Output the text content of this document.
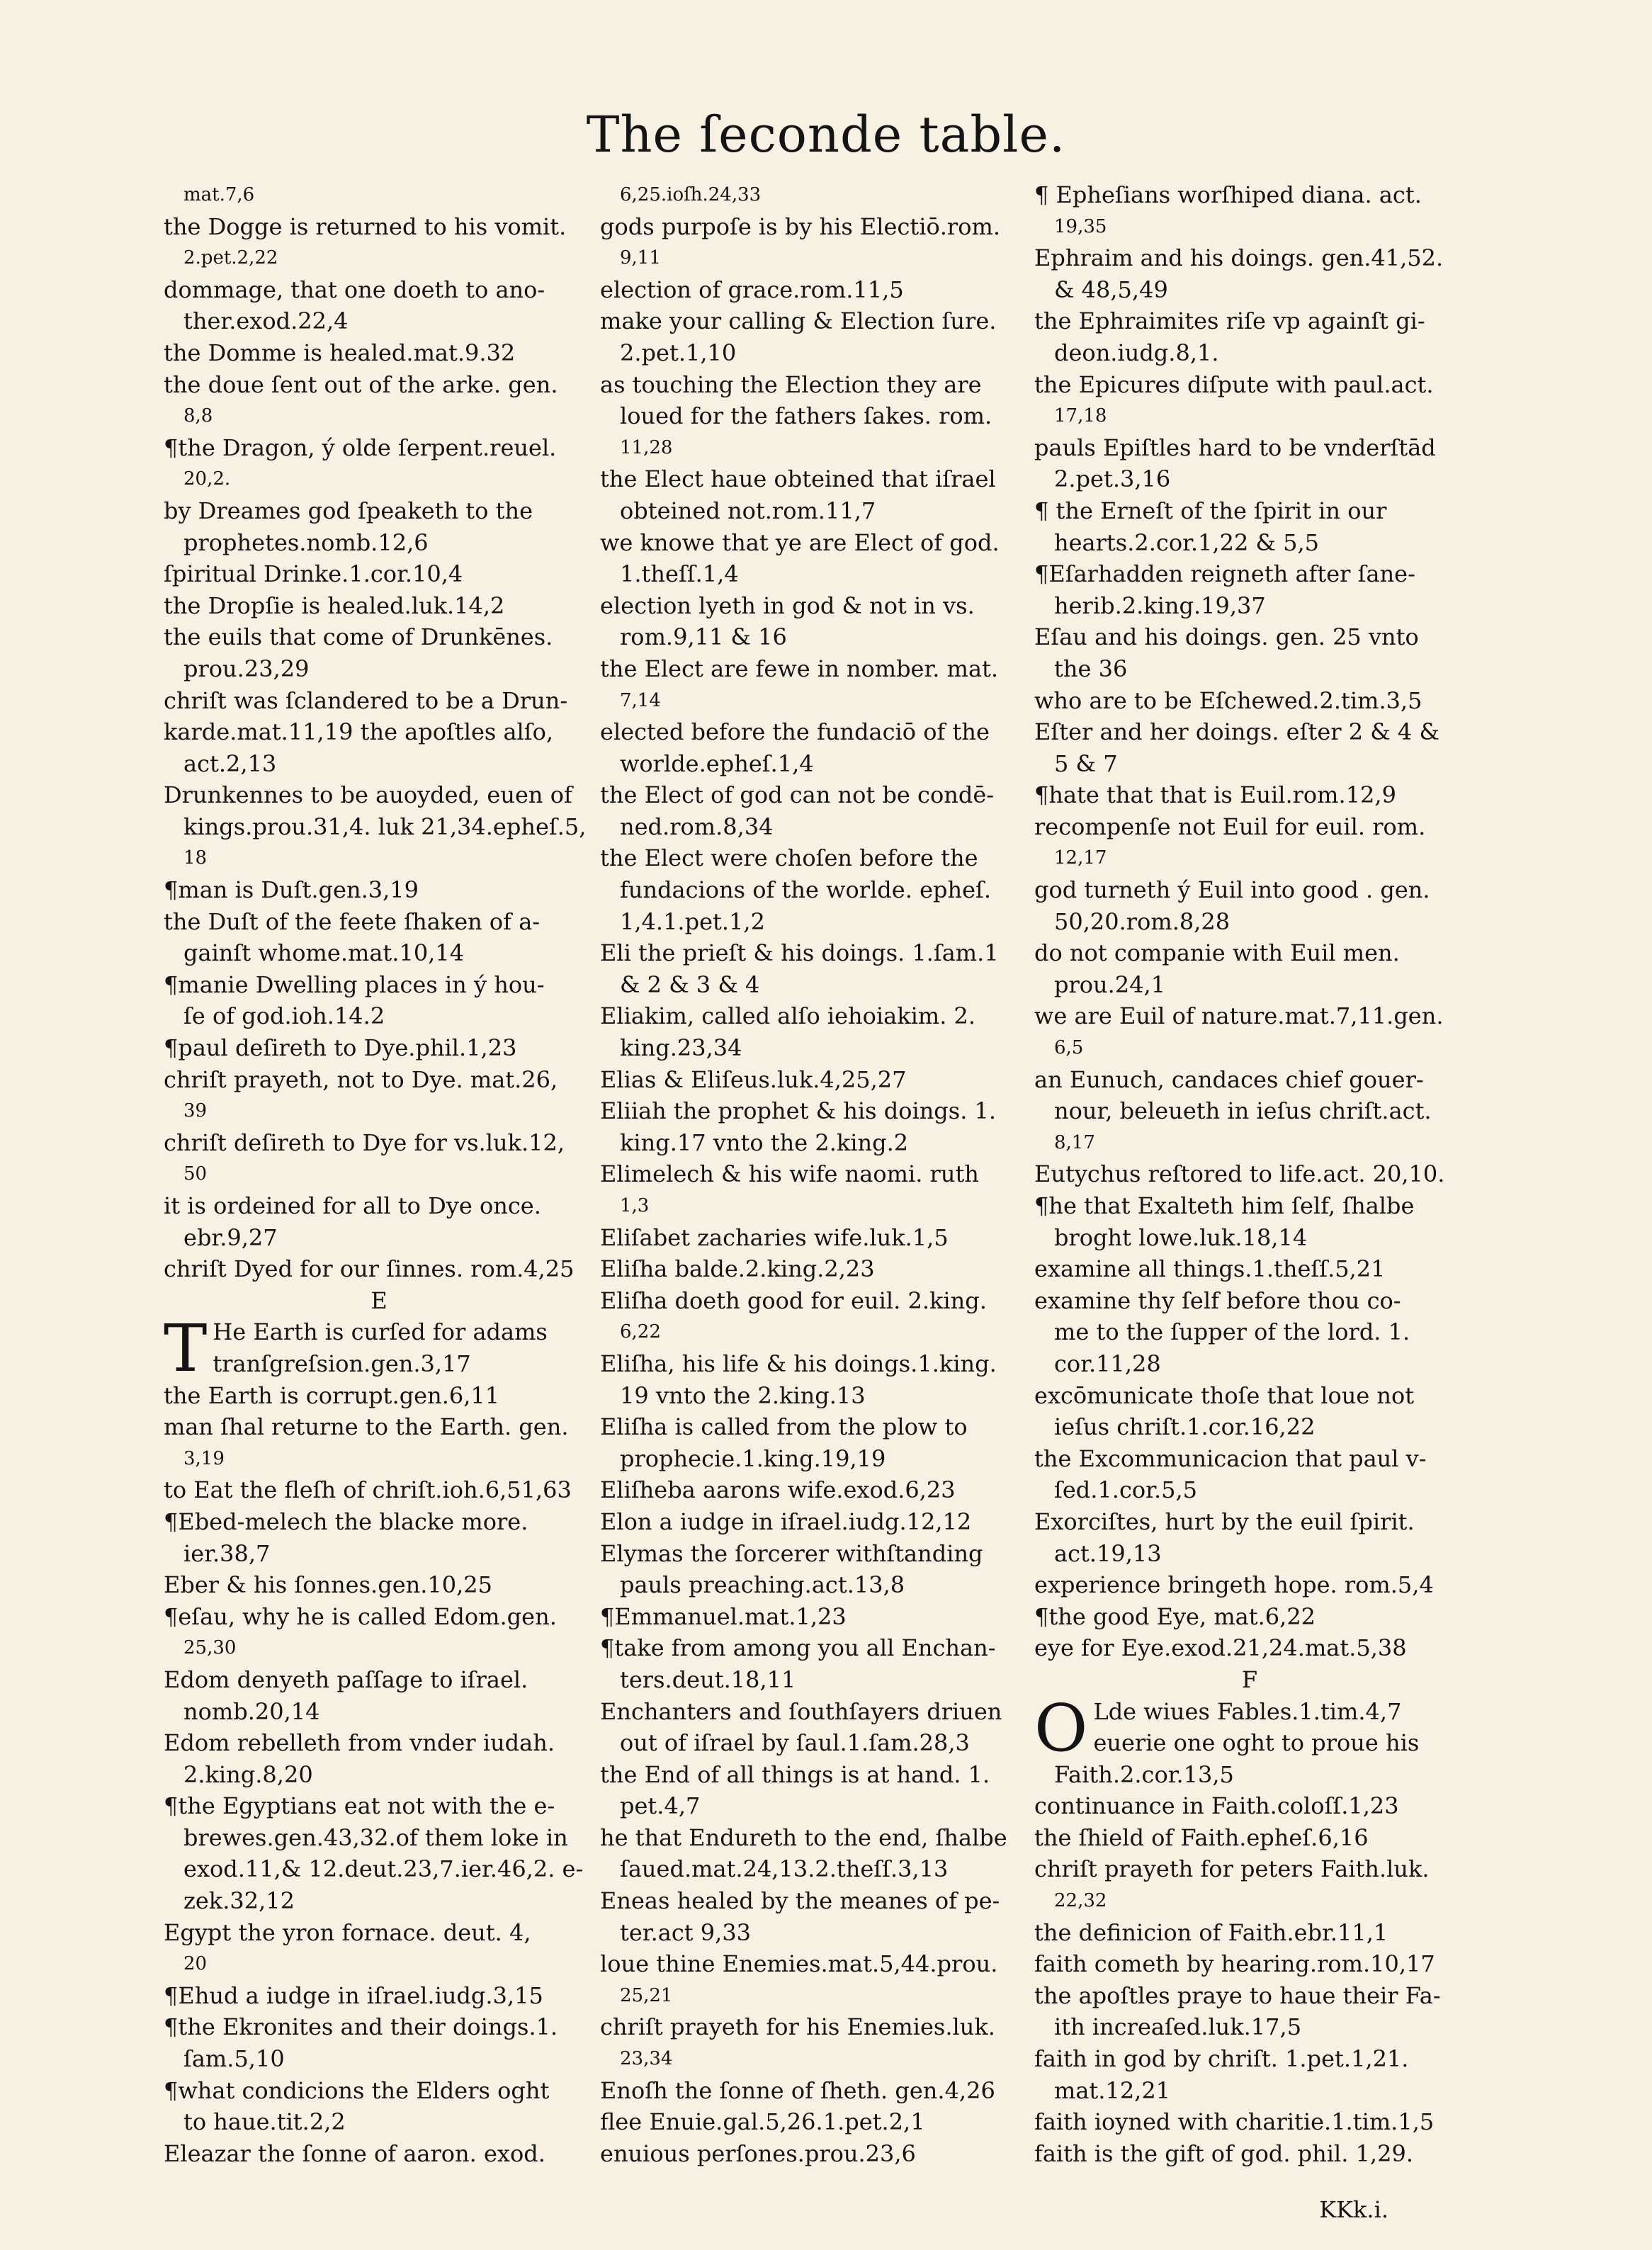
The ſeconde table.
mat.7,6
the Dogge is returned to his vomit.
2.pet.2,22
dommage, that one doeth to ano-
ther.exod.22,4
the Domme is healed.mat.9.32
the doue ſent out of the arke. gen.
8,8
¶the Dragon, ý olde ſerpent.reuel.
20,2.
by Dreames god ſpeaketh to the
prophetes.nomb.12,6
ſpiritual Drinke.1.cor.10,4
the Dropſie is healed.luk.14,2
the euils that come of Drunkēnes.
prou.23,29
chriſt was ſclandered to be a Drun-
karde.mat.11,19 the apoſtles alſo,
act.2,13
Drunkennes to be auoyded, euen of
kings.prou.31,4. luk 21,34.epheſ.5,
18
¶man is Duſt.gen.3,19
the Duſt of the feete ſhaken of a-
gainſt whome.mat.10,14
¶manie Dwelling places in ý hou-
ſe of god.ioh.14.2
¶paul deſireth to Dye.phil.1,23
chriſt prayeth, not to Dye. mat.26,
39
chriſt deſireth to Dye for vs.luk.12,
50
it is ordeined for all to Dye once.
ebr.9,27
chriſt Dyed for our ſinnes. rom.4,25
E
T He Earth is curſed for adams
tranſgreſsion.gen.3,17
the Earth is corrupt.gen.6,11
man ſhal returne to the Earth. gen.
3,19
to Eat the fleſh of chriſt.ioh.6,51,63
¶Ebed-melech the blacke more.
ier.38,7
Eber & his ſonnes.gen.10,25
¶eſau, why he is called Edom.gen.
25,30
Edom denyeth paſſage to iſrael.
nomb.20,14
Edom rebelleth from vnder iudah.
2.king.8,20
¶the Egyptians eat not with the e-
brewes.gen.43,32.of them loke in
exod.11,& 12.deut.23,7.ier.46,2. e-
zek.32,12
Egypt the yron fornace. deut. 4,
20
¶Ehud a iudge in iſrael.iudg.3,15
¶the Ekronites and their doings.1.
ſam.5,10
¶what condicions the Elders oght
to haue.tit.2,2
Eleazar the ſonne of aaron. exod.
6,25.ioſh.24,33
gods purpoſe is by his Electiō.rom.
9,11
election of grace.rom.11,5
make your calling & Election ſure.
2.pet.1,10
as touching the Election they are
loued for the fathers ſakes. rom.
11,28
the Elect haue obteined that iſrael
obteined not.rom.11,7
we knowe that ye are Elect of god.
1.theſſ.1,4
election lyeth in god & not in vs.
rom.9,11 & 16
the Elect are fewe in nomber. mat.
7,14
elected before the fundaciō of the
worlde.epheſ.1,4
the Elect of god can not be condē-
ned.rom.8,34
the Elect were choſen before the
fundacions of the worlde. epheſ.
1,4.1.pet.1,2
Eli the prieſt & his doings. 1.ſam.1
& 2 & 3 & 4
Eliakim, called alſo iehoiakim. 2.
king.23,34
Elias & Eliſeus.luk.4,25,27
Eliiah the prophet & his doings. 1.
king.17 vnto the 2.king.2
Elimelech & his wife naomi. ruth
1,3
Eliſabet zacharies wife.luk.1,5
Eliſha balde.2.king.2,23
Eliſha doeth good for euil. 2.king.
6,22
Eliſha, his life & his doings.1.king.
19 vnto the 2.king.13
Eliſha is called from the plow to
prophecie.1.king.19,19
Eliſheba aarons wife.exod.6,23
Elon a iudge in iſrael.iudg.12,12
Elymas the ſorcerer withſtanding
pauls preaching.act.13,8
¶Emmanuel.mat.1,23
¶take from among you all Enchan-
ters.deut.18,11
Enchanters and ſouthſayers driuen
out of iſrael by ſaul.1.ſam.28,3
the End of all things is at hand. 1.
pet.4,7
he that Endureth to the end, ſhalbe
ſaued.mat.24,13.2.theſſ.3,13
Eneas healed by the meanes of pe-
ter.act 9,33
loue thine Enemies.mat.5,44.prou.
25,21
chriſt prayeth for his Enemies.luk.
23,34
Enoſh the ſonne of ſheth. gen.4,26
flee Enuie.gal.5,26.1.pet.2,1
enuious perſones.prou.23,6
¶ Epheſians worſhiped diana. act.
19,35
Ephraim and his doings. gen.41,52.
& 48,5,49
the Ephraimites riſe vp againſt gi-
deon.iudg.8,1.
the Epicures diſpute with paul.act.
17,18
pauls Epiſtles hard to be vnderſtād
2.pet.3,16
¶ the Erneſt of the ſpirit in our
hearts.2.cor.1,22 & 5,5
¶Eſarhadden reigneth after ſane-
herib.2.king.19,37
Eſau and his doings. gen. 25 vnto
the 36
who are to be Eſchewed.2.tim.3,5
Eſter and her doings. eſter 2 & 4 &
5 & 7
¶hate that that is Euil.rom.12,9
recompenſe not Euil for euil. rom.
12,17
god turneth ý Euil into good . gen.
50,20.rom.8,28
do not companie with Euil men.
prou.24,1
we are Euil of nature.mat.7,11.gen.
6,5
an Eunuch, candaces chief gouer-
nour, beleueth in ieſus chriſt.act.
8,17
Eutychus reſtored to life.act. 20,10.
¶he that Exalteth him ſelf, ſhalbe
broght lowe.luk.18,14
examine all things.1.theſſ.5,21
examine thy ſelf before thou co-
me to the ſupper of the lord. 1.
cor.11,28
excōmunicate thoſe that loue not
ieſus chriſt.1.cor.16,22
the Excommunicacion that paul v-
ſed.1.cor.5,5
Exorciſtes, hurt by the euil ſpirit.
act.19,13
experience bringeth hope. rom.5,4
¶the good Eye, mat.6,22
eye for Eye.exod.21,24.mat.5,38
F
O Lde wiues Fables.1.tim.4,7
euerie one oght to proue his
Faith.2.cor.13,5
continuance in Faith.coloſſ.1,23
the ſhield of Faith.epheſ.6,16
chriſt prayeth for peters Faith.luk.
22,32
the definicion of Faith.ebr.11,1
faith cometh by hearing.rom.10,17
the apoſtles praye to haue their Fa-
ith increaſed.luk.17,5
faith in god by chriſt. 1.pet.1,21.
mat.12,21
faith ioyned with charitie.1.tim.1,5
faith is the gift of god. phil. 1,29.
KKk.i.
